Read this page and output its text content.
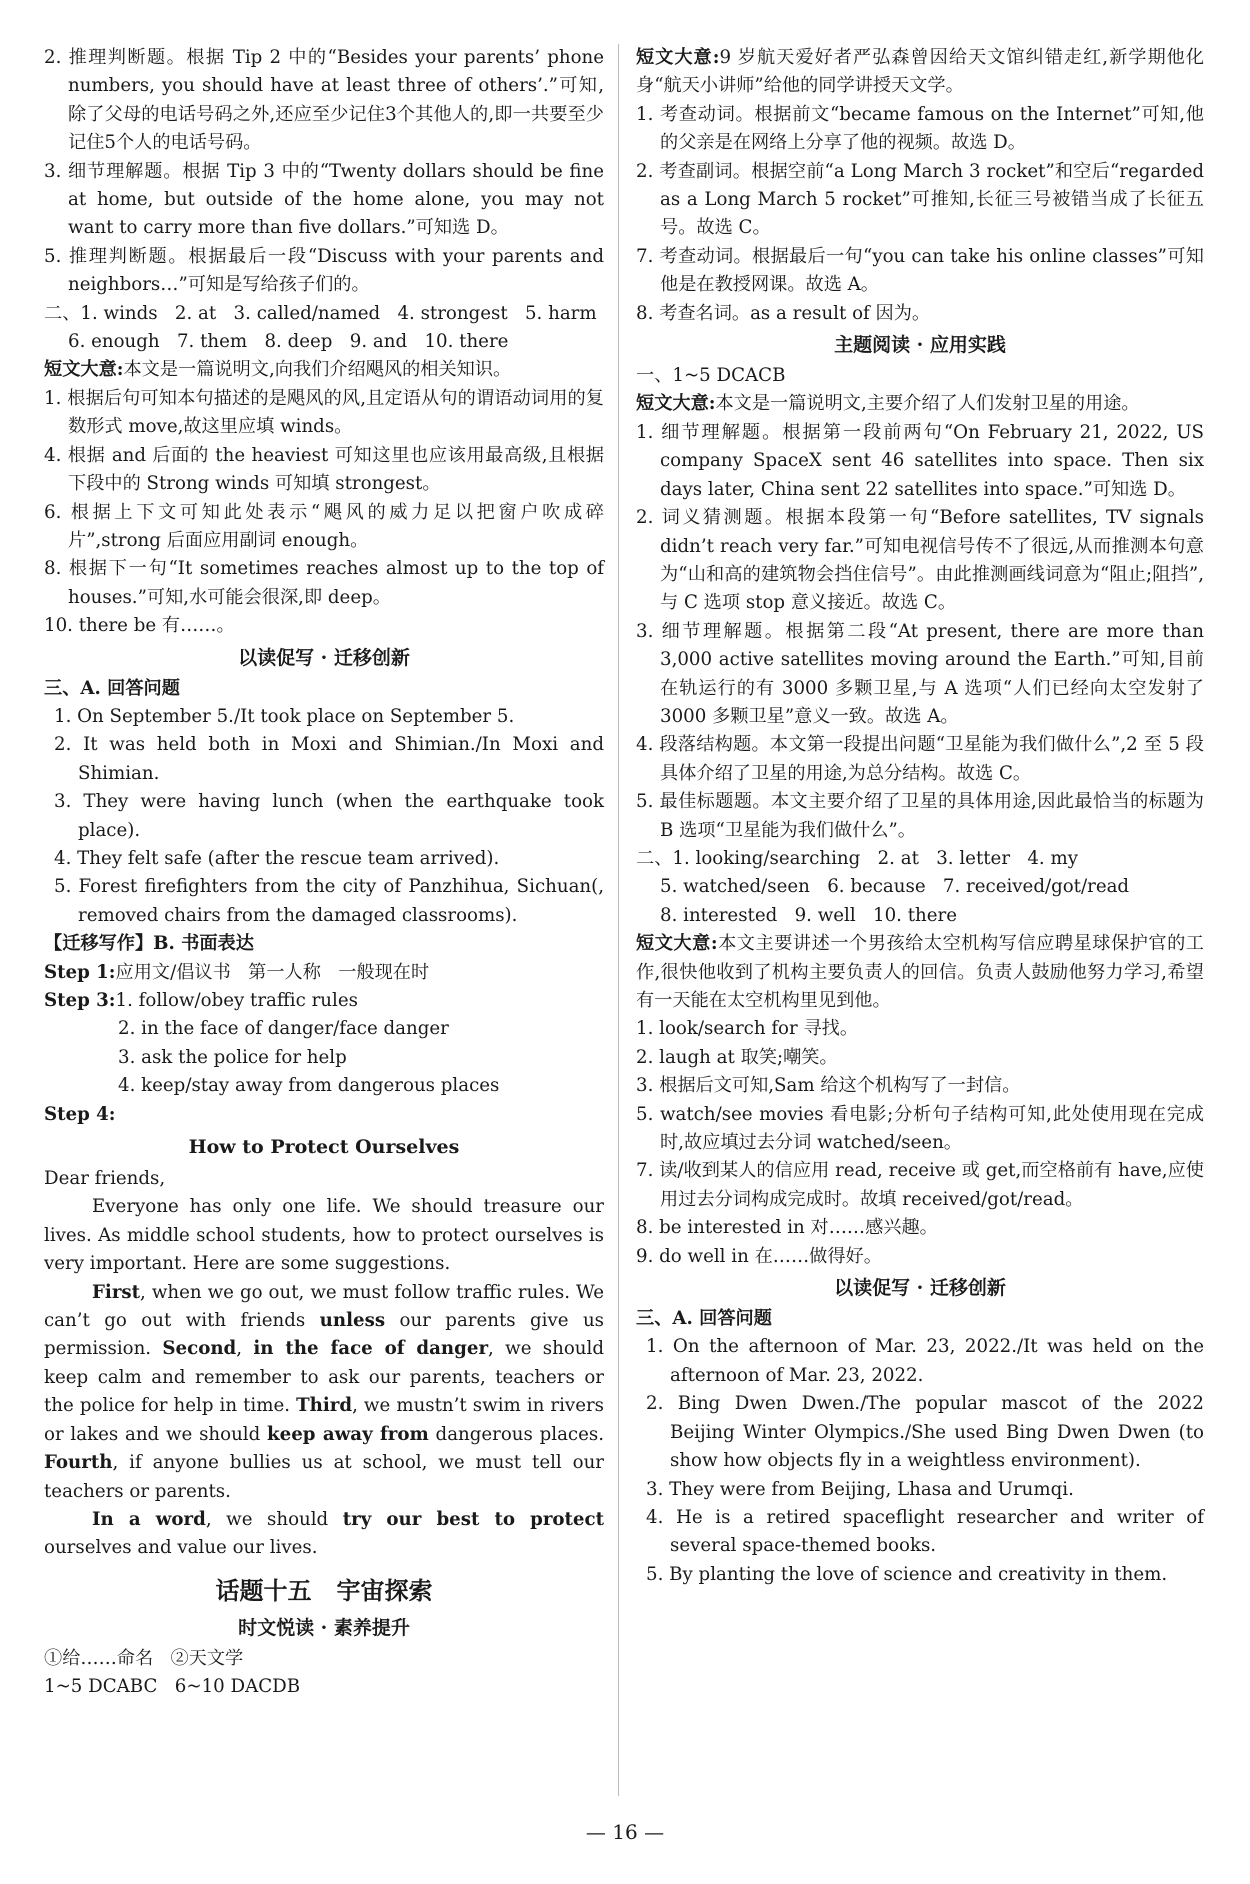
2. 推理判断题。根据 Tip 2 中的“Besides your parents’ phone numbers, you should have at least three of others’.”可知,除了父母的电话号码之外,还应至少记住3个其他人的,即一共要至少记住5个人的电话号码。

3. 细节理解题。根据 Tip 3 中的“Twenty dollars should be fine at home, but outside of the home alone, you may not want to carry more than five dollars.”可知选 D。

5. 推理判断题。根据最后一段“Discuss with your parents and neighbors…”可知是写给孩子们的。

二、1. winds   2. at   3. called/named   4. strongest   5. harm

6. enough   7. them   8. deep   9. and   10. there

短文大意:本文是一篇说明文,向我们介绍飓风的相关知识。

1. 根据后句可知本句描述的是飓风的风,且定语从句的谓语动词用的复数形式 move,故这里应填 winds。

4. 根据 and 后面的 the heaviest 可知这里也应该用最高级,且根据下段中的 Strong winds 可知填 strongest。

6. 根据上下文可知此处表示“飓风的威力足以把窗户吹成碎片”,strong 后面应用副词 enough。

8. 根据下一句“It sometimes reaches almost up to the top of houses.”可知,水可能会很深,即 deep。

10. there be 有……。

以读促写 · 迁移创新

三、A. 回答问题

1. On September 5./It took place on September 5.

2. It was held both in Moxi and Shimian./In Moxi and Shimian.

3. They were having lunch (when the earthquake took place).

4. They felt safe (after the rescue team arrived).

5. Forest firefighters from the city of Panzhihua, Sichuan(, removed chairs from the damaged classrooms).

【迁移写作】B. 书面表达

Step 1:应用文/倡议书   第一人称   一般现在时

Step 3:1. follow/obey traffic rules

2. in the face of danger/face danger

3. ask the police for help

4. keep/stay away from dangerous places

Step 4:

How to Protect Ourselves

Dear friends,

Everyone has only one life. We should treasure our lives. As middle school students, how to protect ourselves is very important. Here are some suggestions.

First, when we go out, we must follow traffic rules. We can’t go out with friends unless our parents give us permission. Second, in the face of danger, we should keep calm and remember to ask our parents, teachers or the police for help in time. Third, we mustn’t swim in rivers or lakes and we should keep away from dangerous places. Fourth, if anyone bullies us at school, we must tell our teachers or parents.

In a word, we should try our best to protect ourselves and value our lives.

话题十五   宇宙探索

时文悦读 · 素养提升

①给……命名   ②天文学

1~5 DCABC   6~10 DACDB

短文大意:9 岁航天爱好者严弘森曾因给天文馆纠错走红,新学期他化身“航天小讲师”给他的同学讲授天文学。

1. 考查动词。根据前文“became famous on the Internet”可知,他的父亲是在网络上分享了他的视频。故选 D。

2. 考查副词。根据空前“a Long March 3 rocket”和空后“regarded as a Long March 5 rocket”可推知,长征三号被错当成了长征五号。故选 C。

7. 考查动词。根据最后一句“you can take his online classes”可知他是在教授网课。故选 A。

8. 考查名词。as a result of 因为。

主题阅读 · 应用实践

一、1~5 DCACB

短文大意:本文是一篇说明文,主要介绍了人们发射卫星的用途。

1. 细节理解题。根据第一段前两句“On February 21, 2022, US company SpaceX sent 46 satellites into space. Then six days later, China sent 22 satellites into space.”可知选 D。

2. 词义猜测题。根据本段第一句“Before satellites, TV signals didn’t reach very far.”可知电视信号传不了很远,从而推测本句意为“山和高的建筑物会挡住信号”。由此推测画线词意为“阻止;阻挡”,与 C 选项 stop 意义接近。故选 C。

3. 细节理解题。根据第二段“At present, there are more than 3,000 active satellites moving around the Earth.”可知,目前在轨运行的有 3000 多颗卫星,与 A 选项“人们已经向太空发射了 3000 多颗卫星”意义一致。故选 A。

4. 段落结构题。本文第一段提出问题“卫星能为我们做什么”,2 至 5 段具体介绍了卫星的用途,为总分结构。故选 C。

5. 最佳标题题。本文主要介绍了卫星的具体用途,因此最恰当的标题为 B 选项“卫星能为我们做什么”。

二、1. looking/searching   2. at   3. letter   4. my

5. watched/seen   6. because   7. received/got/read

8. interested   9. well   10. there

短文大意:本文主要讲述一个男孩给太空机构写信应聘星球保护官的工作,很快他收到了机构主要负责人的回信。负责人鼓励他努力学习,希望有一天能在太空机构里见到他。

1. look/search for 寻找。

2. laugh at 取笑;嘲笑。

3. 根据后文可知,Sam 给这个机构写了一封信。

5. watch/see movies 看电影;分析句子结构可知,此处使用现在完成时,故应填过去分词 watched/seen。

7. 读/收到某人的信应用 read, receive 或 get,而空格前有 have,应使用过去分词构成完成时。故填 received/got/read。

8. be interested in 对……感兴趣。

9. do well in 在……做得好。

以读促写 · 迁移创新

三、A. 回答问题

1. On the afternoon of Mar. 23, 2022./It was held on the afternoon of Mar. 23, 2022.

2. Bing Dwen Dwen./The popular mascot of the 2022 Beijing Winter Olympics./She used Bing Dwen Dwen (to show how objects fly in a weightless environment).

3. They were from Beijing, Lhasa and Urumqi.

4. He is a retired spaceflight researcher and writer of several space-themed books.

5. By planting the love of science and creativity in them.

— 16 —
